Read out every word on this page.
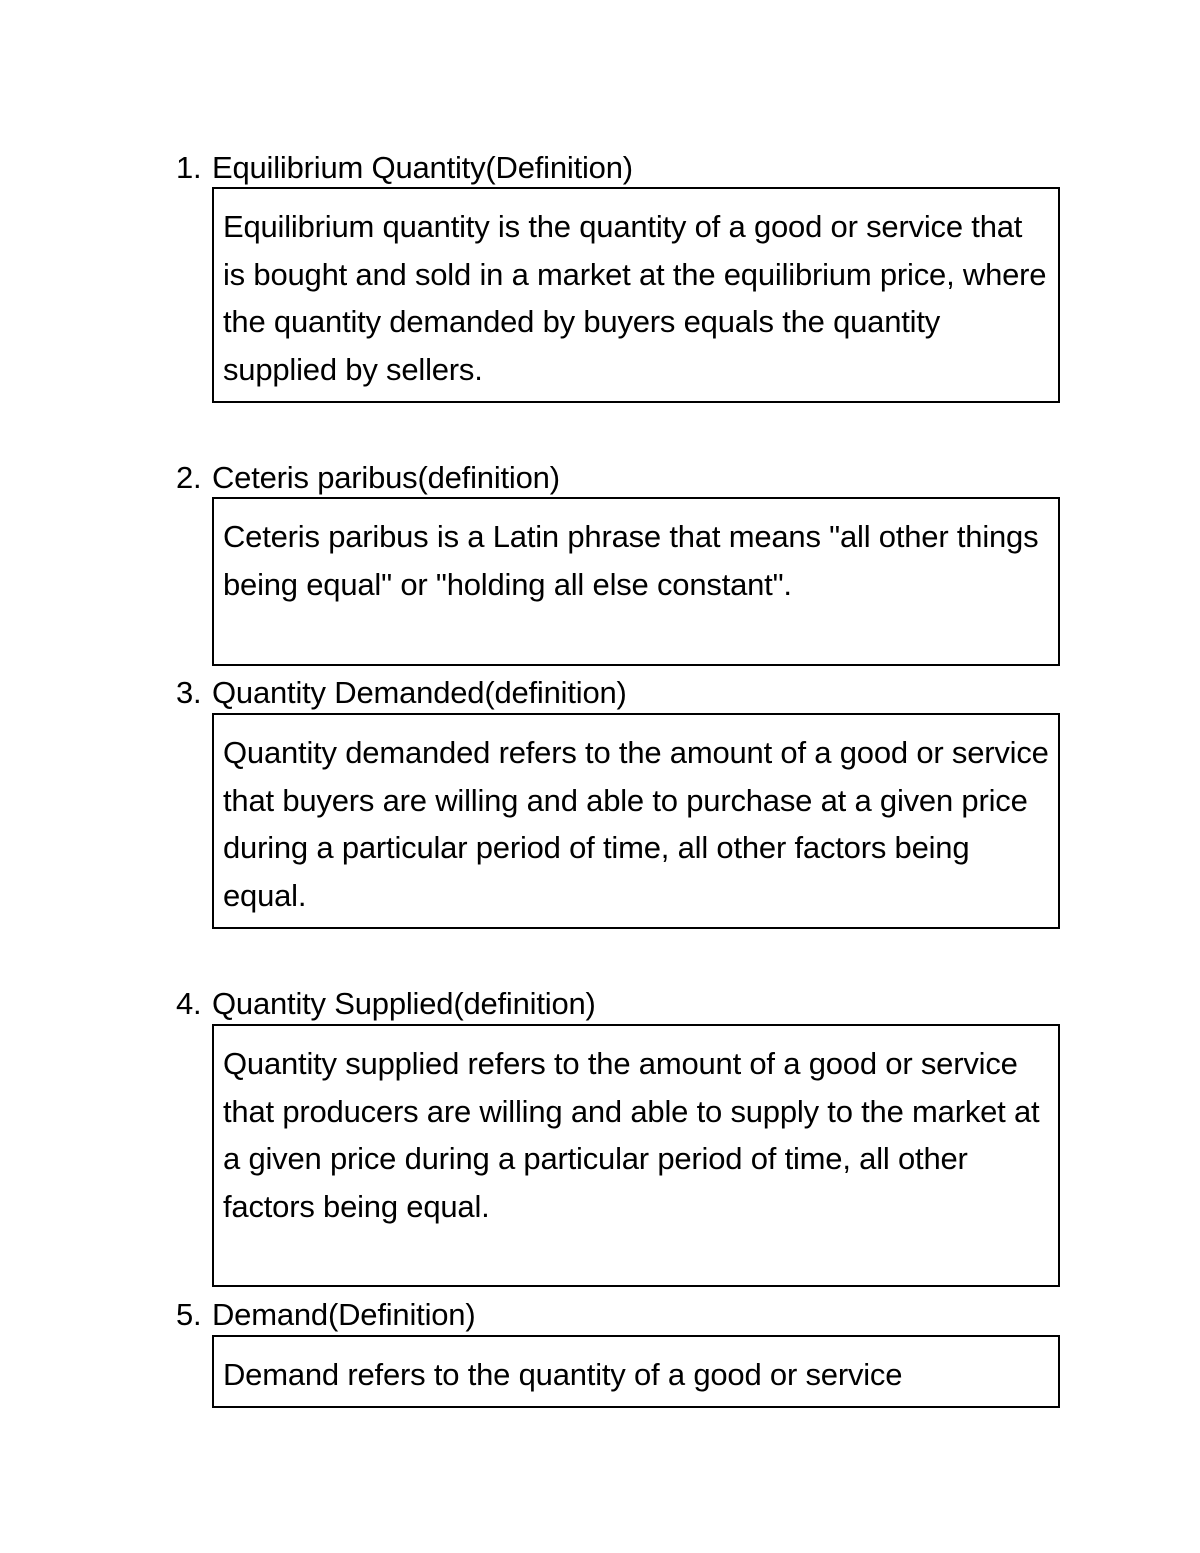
1. Equilibrium Quantity(Definition)
Equilibrium quantity is the quantity of a good or service that is bought and sold in a market at the equilibrium price, where the quantity demanded by buyers equals the quantity supplied by sellers.
2. Ceteris paribus(definition)
Ceteris paribus is a Latin phrase that means "all other things being equal" or "holding all else constant".
3. Quantity Demanded(definition)
Quantity demanded refers to the amount of a good or service that buyers are willing and able to purchase at a given price during a particular period of time, all other factors being equal.
4. Quantity Supplied(definition)
Quantity supplied refers to the amount of a good or service that producers are willing and able to supply to the market at a given price during a particular period of time, all other factors being equal.
5. Demand(Definition)
Demand refers to the quantity of a good or service
